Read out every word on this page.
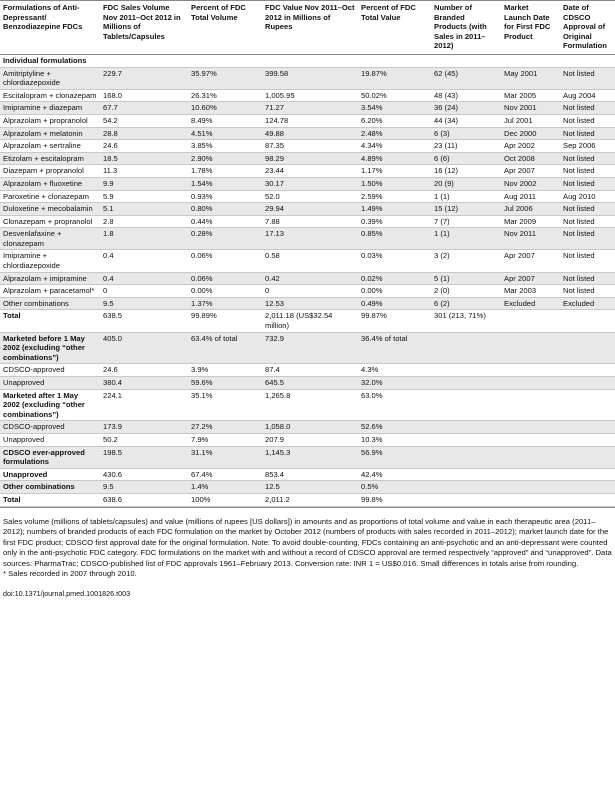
Formulations of Anti-Depressant/ Benzodiazepine FDCs	FDC Sales Volume Nov 2011–Oct 2012 in Millions of Tablets/Capsules	Percent of FDC Total Volume	FDC Value Nov 2011–Oct 2012 in Millions of Rupees	Percent of FDC Total Value	Number of Branded Products (with Sales in 2011–2012)	Market Launch Date for First FDC Product	Date of CDSCO Approval of Original Formulation
Individual formulations							
Amitriptyline + chlordiazepoxide	229.7	35.97%	399.58	19.87%	62 (45)	May 2001	Not listed
Escitalopram + clonazepam	168.0	26.31%	1,005.95	50.02%	48 (43)	Mar 2005	Aug 2004
Imipramine + diazepam	67.7	10.60%	71.27	3.54%	36 (24)	Nov 2001	Not listed
Alprazolam + propranolol	54.2	8.49%	124.78	6.20%	44 (34)	Jul 2001	Not listed
Alprazolam + melatonin	28.8	4.51%	49.88	2.48%	6 (3)	Dec 2000	Not listed
Alprazolam + sertraline	24.6	3.85%	87.35	4.34%	23 (11)	Apr 2002	Sep 2006
Etizolam + escitalopram	18.5	2.90%	98.29	4.89%	6 (6)	Oct 2008	Not listed
Diazepam + propranolol	11.3	1.78%	23.44	1.17%	16 (12)	Apr 2007	Not listed
Alprazolam + fluoxetine	9.9	1.54%	30.17	1.50%	20 (9)	Nov 2002	Not listed
Paroxetine + clonazepam	5.9	0.93%	52.0	2.59%	1 (1)	Aug 2011	Aug 2010
Duloxetine + mecobalamin	5.1	0.80%	29.94	1.49%	15 (12)	Jul 2006	Not listed
Clonazepam + propranolol	2.8	0.44%	7.88	0.39%	7 (7)	Mar 2009	Not listed
Desvenlafaxine + clonazepam	1.8	0.28%	17.13	0.85%	1 (1)	Nov 2011	Not listed
Imipramine + chlordiazepoxide	0.4	0.06%	0.58	0.03%	3 (2)	Apr 2007	Not listed
Alprazolam + imipramine	0.4	0.06%	0.42	0.02%	5 (1)	Apr 2007	Not listed
Alprazolam + paracetamol*	0	0.00%	0	0.00%	2 (0)	Mar 2003	Not listed
Other combinations	9.5	1.37%	12.53	0.49%	6 (2)	Excluded	Excluded
Total	638.5	99.89%	2,011.18 (US$32.54 million)	99.87%	301 (213, 71%)		
Marketed before 1 May 2002 (excluding “other combinations”)	405.0	63.4% of total	732.9	36.4% of total			
CDSCO-approved	24.6	3.9%	87.4	4.3%			
Unapproved	380.4	59.6%	645.5	32.0%			
Marketed after 1 May 2002 (excluding “other combinations”)	224.1	35.1%	1,265.8	63.0%			
CDSCO-approved	173.9	27.2%	1,058.0	52.6%			
Unapproved	50.2	7.9%	207.9	10.3%			
CDSCO ever-approved formulations	198.5	31.1%	1,145.3	56.9%			
Unapproved	430.6	67.4%	853.4	42.4%			
Other combinations	9.5	1.4%	12.5	0.5%			
Total	638.6	100%	2,011.2	99.8%			
Sales volume (millions of tablets/capsules) and value (millions of rupees [US dollars]) in amounts and as proportions of total volume and value in each therapeutic area (2011–2012); numbers of branded products of each FDC formulation on the market by October 2012 (numbers of products with sales recorded in 2011–2012); market launch date for the first FDC product; CDSCO first approval date for the original formulation. Note: To avoid double-counting, FDCs containing an anti-psychotic and an anti-depressant were counted only in the anti-psychotic FDC category. FDC formulations on the market with and without a record of CDSCO approval are termed respectively “approved” and “unapproved”. Data sources: PharmaTrac; CDSCO-published list of FDC approvals 1961–February 2013. Conversion rate: INR 1 = US$0.016. Small differences in totals arise from rounding.
* Sales recorded in 2007 through 2010.
doi:10.1371/journal.pmed.1001826.t003
